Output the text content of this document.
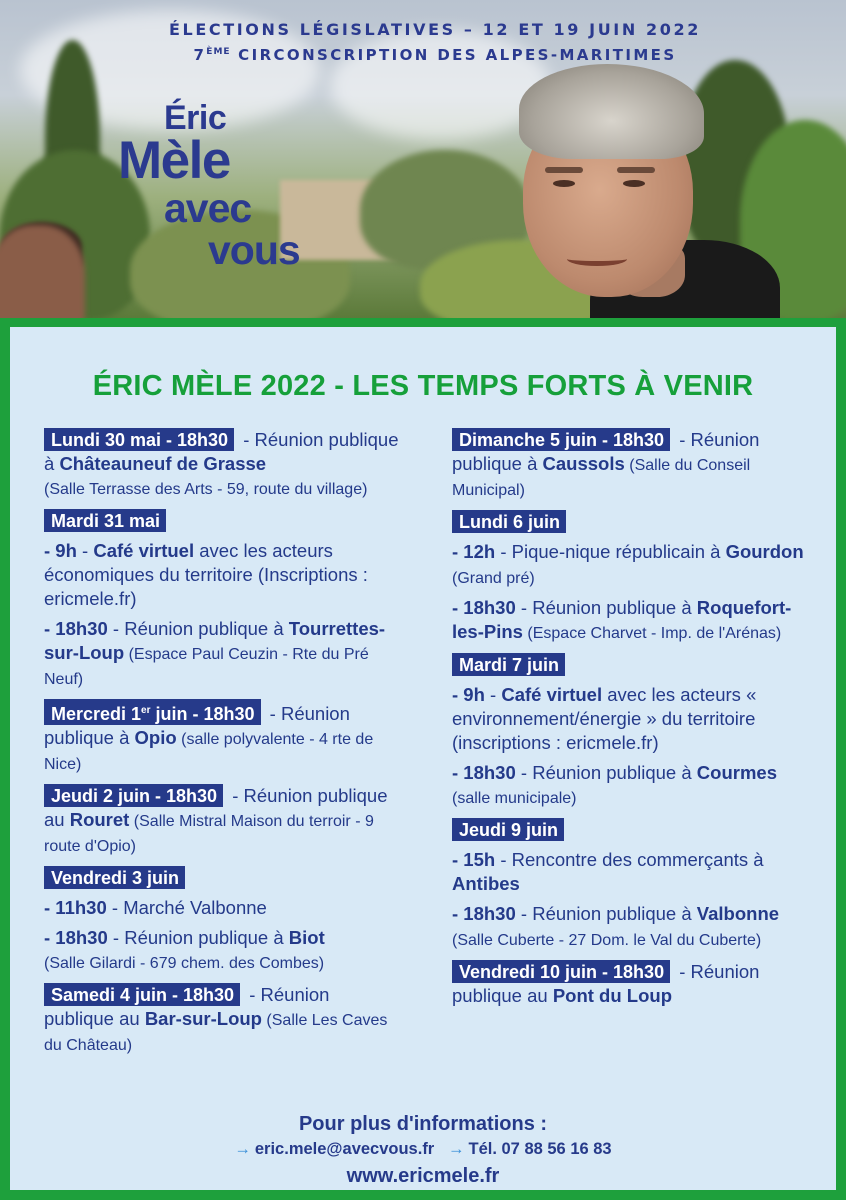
ÉLECTIONS LÉGISLATIVES – 12 ET 19 JUIN 2022
7ÈME CIRCONSCRIPTION DES ALPES-MARITIMES
Éric
Mèle
avec
vous
ÉRIC MÈLE 2022 - LES TEMPS FORTS À VENIR
Lundi 30 mai - 18h30 - Réunion publique à Châteauneuf de Grasse
(Salle Terrasse des Arts - 59, route du village)
Mardi 31 mai
- 9h - Café virtuel avec les acteurs économiques du territoire (Inscriptions : ericmele.fr)
- 18h30 - Réunion publique à Tourrettes-sur-Loup (Espace Paul Ceuzin - Rte du Pré Neuf)
Mercredi 1er juin - 18h30 - Réunion publique à Opio (salle polyvalente - 4 rte de Nice)
Jeudi 2 juin - 18h30 - Réunion publique au Rouret (Salle Mistral Maison du terroir - 9 route d'Opio)
Vendredi 3 juin
- 11h30 - Marché Valbonne
- 18h30 - Réunion publique à Biot
(Salle Gilardi - 679 chem. des Combes)
Samedi 4 juin - 18h30 - Réunion publique au Bar-sur-Loup (Salle Les Caves du Château)
Dimanche 5 juin - 18h30 - Réunion publique à Caussols (Salle du Conseil Municipal)
Lundi 6 juin
- 12h - Pique-nique républicain à Gourdon (Grand pré)
- 18h30 - Réunion publique à Roquefort-les-Pins (Espace Charvet - Imp. de l'Arénas)
Mardi 7 juin
- 9h - Café virtuel avec les acteurs « environnement/énergie » du territoire (inscriptions : ericmele.fr)
- 18h30 - Réunion publique à Courmes
(salle municipale)
Jeudi 9 juin
- 15h - Rencontre des commerçants à Antibes
- 18h30 - Réunion publique à Valbonne (Salle Cuberte - 27 Dom. le Val du Cuberte)
Vendredi 10 juin - 18h30 - Réunion publique au Pont du Loup
Pour plus d'informations :
→ eric.mele@avecvous.fr → Tél. 07 88 56 16 83
www.ericmele.fr
